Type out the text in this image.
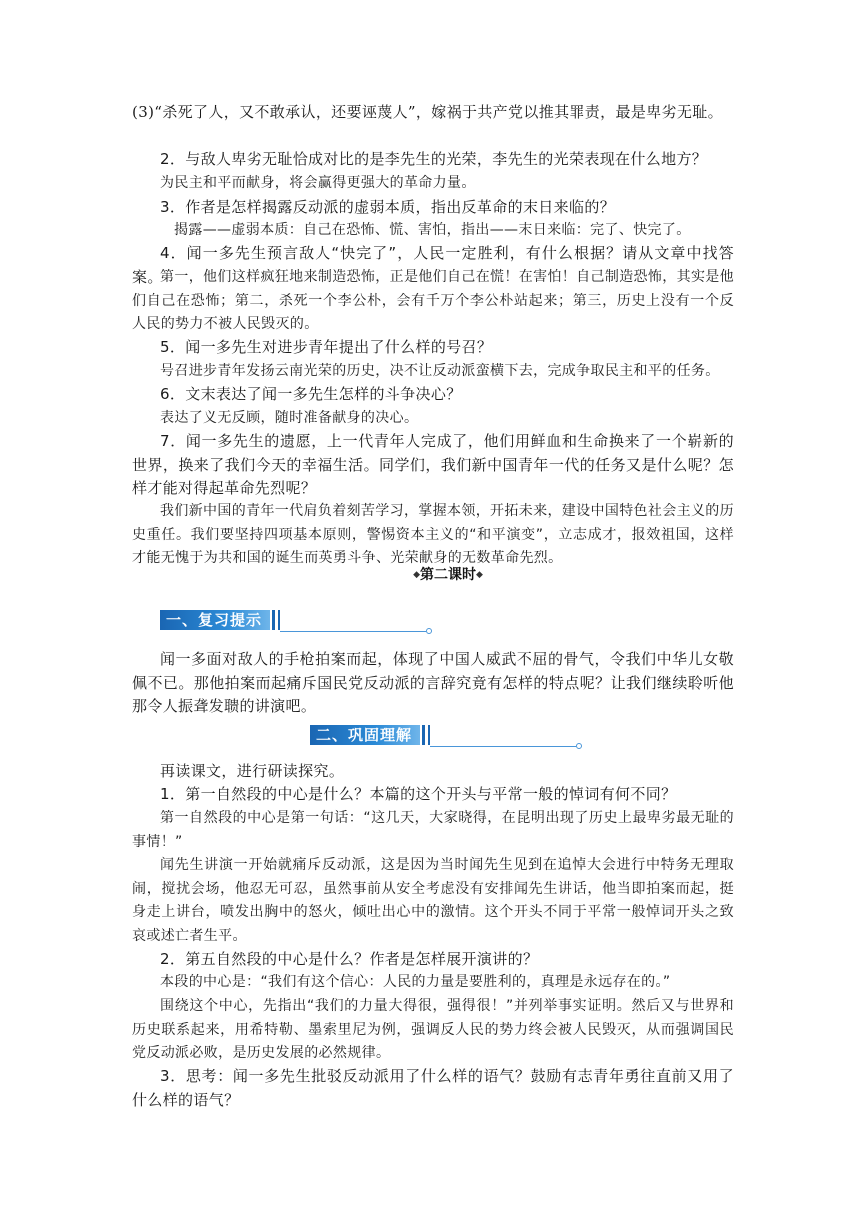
(3)“杀死了人，又不敢承认，还要诬蔑人”，嫁祸于共产党以推其罪责，最是卑劣无耻。

2．与敌人卑劣无耻恰成对比的是李先生的光荣，李先生的光荣表现在什么地方？

为民主和平而献身，将会赢得更强大的革命力量。

3．作者是怎样揭露反动派的虚弱本质，指出反革命的末日来临的？

揭露——虚弱本质：自己在恐怖、慌、害怕，指出——末日来临：完了、快完了。

4．闻一多先生预言敌人“快完了”，人民一定胜利，有什么根据？请从文章中找答案。

第一，他们这样疯狂地来制造恐怖，正是他们自己在慌！在害怕！自己制造恐怖，其实是他们自己在恐怖；第二，杀死一个李公朴，会有千万个李公朴站起来；第三，历史上没有一个反人民的势力不被人民毁灭的。

5．闻一多先生对进步青年提出了什么样的号召？

号召进步青年发扬云南光荣的历史，决不让反动派蛮横下去，完成争取民主和平的任务。

6．文末表达了闻一多先生怎样的斗争决心？

表达了义无反顾，随时准备献身的决心。

7．闻一多先生的遗愿，上一代青年人完成了，他们用鲜血和生命换来了一个崭新的世界，换来了我们今天的幸福生活。同学们，我们新中国青年一代的任务又是什么呢？怎样才能对得起革命先烈呢？

我们新中国的青年一代肩负着刻苦学习，掌握本领，开拓未来，建设中国特色社会主义的历史重任。我们要坚持四项基本原则，警惕资本主义的“和平演变”，立志成才，报效祖国，这样才能无愧于为共和国的诞生而英勇斗争、光荣献身的无数革命先烈。

◆第二课时◆
一、复习提示

闻一多面对敌人的手枪拍案而起，体现了中国人威武不屈的骨气，令我们中华儿女敬佩不已。那他拍案而起痛斥国民党反动派的言辞究竟有怎样的特点呢？让我们继续聆听他那令人振聋发聩的讲演吧。

二、巩固理解

再读课文，进行研读探究。

1．第一自然段的中心是什么？本篇的这个开头与平常一般的悼词有何不同？

第一自然段的中心是第一句话：“这几天，大家晓得，在昆明出现了历史上最卑劣最无耻的事情！”

闻先生讲演一开始就痛斥反动派，这是因为当时闻先生见到在追悼大会进行中特务无理取闹，搅扰会场，他忍无可忍，虽然事前从安全考虑没有安排闻先生讲话，他当即拍案而起，挺身走上讲台，喷发出胸中的怒火，倾吐出心中的激情。这个开头不同于平常一般悼词开头之致哀或述亡者生平。

2．第五自然段的中心是什么？作者是怎样展开演讲的？

本段的中心是：“我们有这个信心：人民的力量是要胜利的，真理是永远存在的。”

围绕这个中心，先指出“我们的力量大得很，强得很！”并列举事实证明。然后又与世界和历史联系起来，用希特勒、墨索里尼为例，强调反人民的势力终会被人民毁灭，从而强调国民党反动派必败，是历史发展的必然规律。

3．思考：闻一多先生批驳反动派用了什么样的语气？鼓励有志青年勇往直前又用了什么样的语气？
